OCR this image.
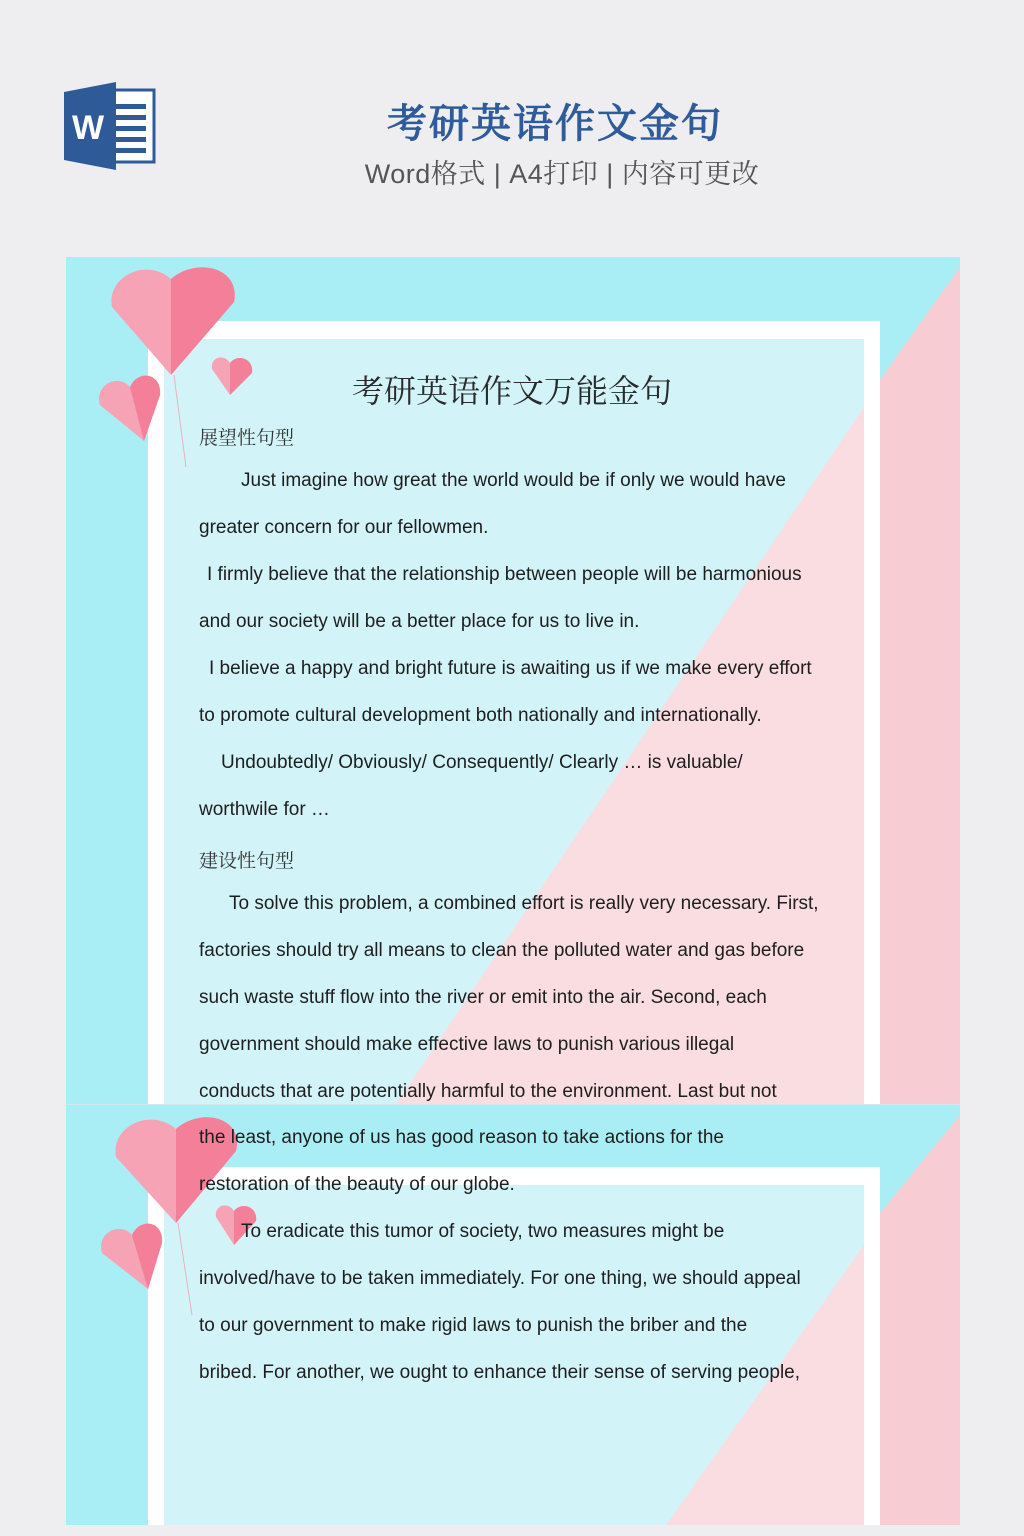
W	考研英语作文金句
Word格式 | A4打印 | 内容可更改
考研英语作文万能金句
展望性句型
Just imagine how great the world would be if only we would have
greater concern for our fellowmen.
I firmly believe that the relationship between people will be harmonious
and our society will be a better place for us to live in.
I believe a happy and bright future is awaiting us if we make every effort
to promote cultural development both nationally and internationally.
Undoubtedly/ Obviously/ Consequently/ Clearly … is valuable/
worthwile for …
建设性句型
To solve this problem, a combined effort is really very necessary. First,
factories should try all means to clean the polluted water and gas before
such waste stuff flow into the river or emit into the air. Second, each
government should make effective laws to punish various illegal
conducts that are potentially harmful to the environment. Last but not
the least, anyone of us has good reason to take actions for the
restoration of the beauty of our globe.
To eradicate this tumor of society, two measures might be
involved/have to be taken immediately. For one thing, we should appeal
to our government to make rigid laws to punish the briber and the
bribed. For another, we ought to enhance their sense of serving people,
